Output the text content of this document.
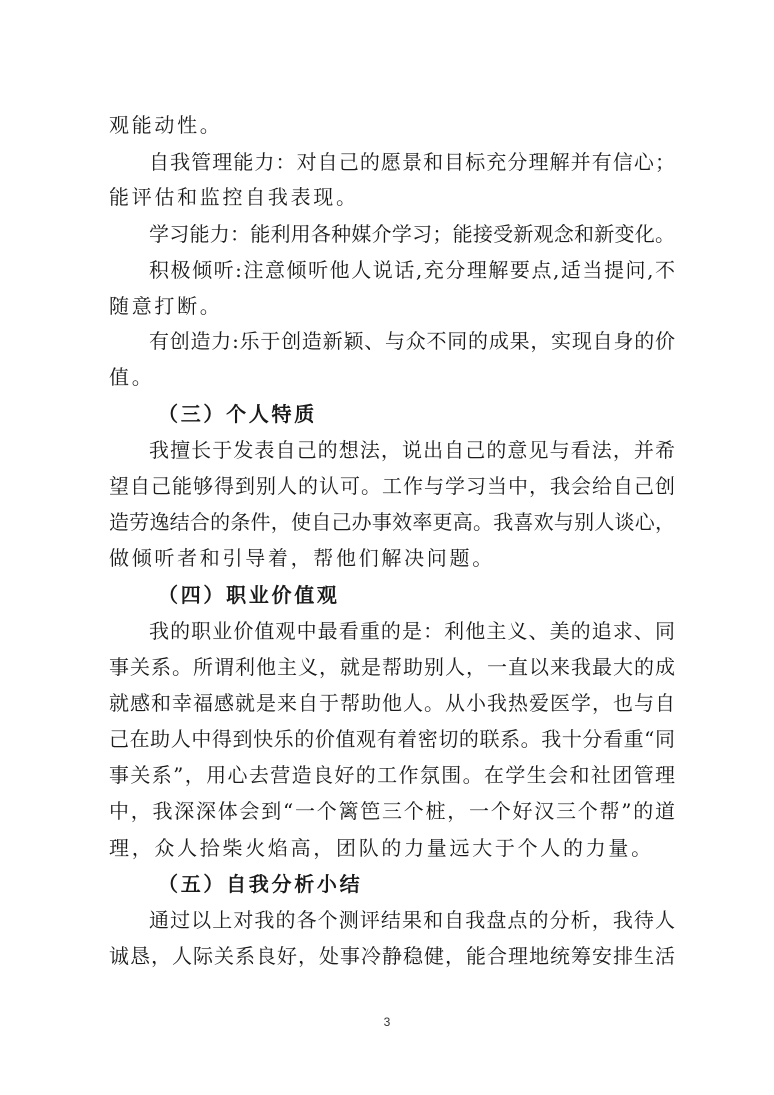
观能动性。
自我管理能力：对自己的愿景和目标充分理解并有信心；
能评估和监控自我表现。
学习能力：能利用各种媒介学习；能接受新观念和新变化。
积极倾听:注意倾听他人说话,充分理解要点,适当提问,不
随意打断。
有创造力:乐于创造新颖、与众不同的成果，实现自身的价
值。
（三）个人特质
我擅长于发表自己的想法，说出自己的意见与看法，并希
望自己能够得到别人的认可。工作与学习当中，我会给自己创
造劳逸结合的条件，使自己办事效率更高。我喜欢与别人谈心，
做倾听者和引导着，帮他们解决问题。
（四）职业价值观
我的职业价值观中最看重的是：利他主义、美的追求、同
事关系。所谓利他主义，就是帮助别人，一直以来我最大的成
就感和幸福感就是来自于帮助他人。从小我热爱医学，也与自
己在助人中得到快乐的价值观有着密切的联系。我十分看重“同
事关系”，用心去营造良好的工作氛围。在学生会和社团管理
中，我深深体会到“一个篱笆三个桩，一个好汉三个帮”的道
理，众人拾柴火焰高，团队的力量远大于个人的力量。
（五）自我分析小结
通过以上对我的各个测评结果和自我盘点的分析，我待人
诚恳，人际关系良好，处事冷静稳健，能合理地统筹安排生活
3
